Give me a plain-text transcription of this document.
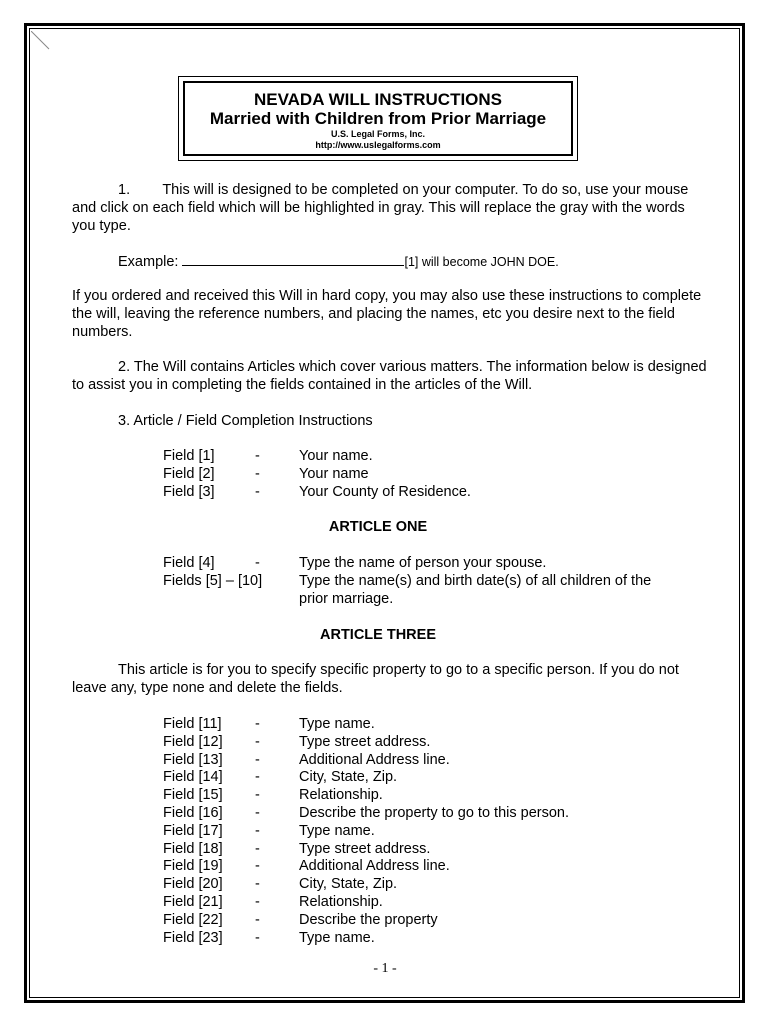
NEVADA WILL INSTRUCTIONS
Married with Children from Prior Marriage
U.S. Legal Forms, Inc.
http://www.uslegalforms.com
1. This will is designed to be completed on your computer. To do so, use your mouse and click on each field which will be highlighted in gray. This will replace the gray with the words you type.
Example:	[1] will become JOHN DOE.
If you ordered and received this Will in hard copy, you may also use these instructions to complete the will, leaving the reference numbers, and placing the names, etc you desire next to the field numbers.
2. The Will contains Articles which cover various matters. The information below is designed to assist you in completing the fields contained in the articles of the Will.
3. Article / Field Completion Instructions
Field [1]	-	Your name.
Field [2]	-	Your name
Field [3]	-	Your County of Residence.
ARTICLE ONE
Field [4]	-	Type the name of person your spouse.
Fields [5] – [10]	Type the name(s) and birth date(s) of all children of the
prior marriage.
ARTICLE THREE
This article is for you to specify specific property to go to a specific person. If you do not leave any, type none and delete the fields.
Field [11] -	Type name.
Field [12] -	Type street address.
Field [13] -	Additional Address line.
Field [14] -	City, State, Zip.
Field [15] -	Relationship.
Field [16] -	Describe the property to go to this person.
Field [17] -	Type name.
Field [18] -	Type street address.
Field [19] -	Additional Address line.
Field [20] -	City, State, Zip.
Field [21] -	Relationship.
Field [22] -	Describe the property
Field [23] -	Type name.
- 1 -
